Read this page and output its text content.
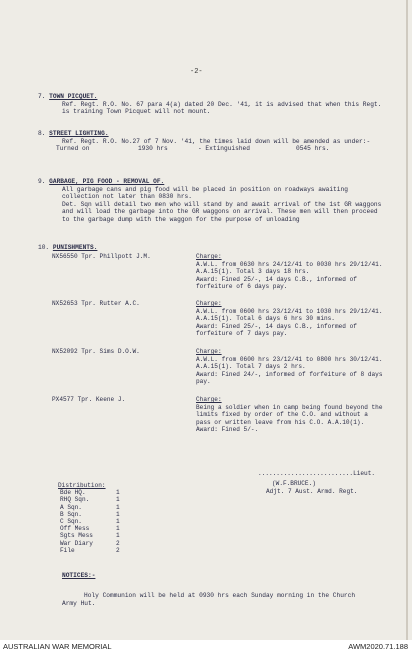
-2-
7. TOWN PICQUET.
Ref. Regt. R.O. No. 67 para 4(a) dated 20 Dec. '41, it is advised that when this Regt. is training Town Picquet will not mount.
8. STREET LIGHTING.
Ref. Regt. R.O. No.27 of 7 Nov. '41, the times laid down will be amended as under:-
Turned on	1930 hrs	- Extinguished	0545 hrs.
9. GARBAGE, PIG FOOD - REMOVAL OF.
All garbage cans and pig food will be placed in position on roadways awaiting collection not later than 0830 hrs.
Det. Sqn will detail two men who will stand by and await arrival of the 1st GR waggons and will load the garbage into the GR waggons on arrival. These men will then proceed to the garbage dump with the waggon for the purpose of unloading
10. PUNISHMENTS.
NX56550 Tpr. Phillpott J.M.	Charge:
A.W.L. from 0630 hrs 24/12/41 to 0030 hrs 29/12/41. A.A.15(1). Total 3 days 18 hrs.
Award: Fined 25/-, 14 days C.B., informed of forfeiture of 6 days pay.
NX52653 Tpr. Rutter A.C.	Charge:
A.W.L. from 0600 hrs 23/12/41 to 1030 hrs 29/12/41. A.A.15(1). Total 6 days 6 hrs 30 mins.
Award: Fined 25/-, 14 days C.B., informed of forfeiture of 7 days pay.
NX52092 Tpr. Sims D.O.W.	Charge:
A.W.L. from 0600 hrs 23/12/41 to 0800 hrs 30/12/41. A.A.15(1). Total 7 days 2 hrs.
Award: Fined 24/-, informed of forfeiture of 8 days pay.
PX4577 Tpr. Keene J.	Charge:
Being a soldier when in camp being found beyond the limits fixed by order of the C.O. and without a pass or written leave from his C.O. A.A.10(1).
Award: Fined 5/-.
..........................Lieut.
(W.F.BRUCE.)
Adjt. 7 Aust. Armd. Regt.
Distribution:
Bde HQ.	1
RHQ Sqn.	1
A Sqn.	1
B Sqn.	1
C Sqn.	1
Off Mess	1
Sgts Mess	1
War Diary	2
File	2
NOTICES:-
Holy Communion will be held at 0930 hrs each Sunday morning in the Church Army Hut.
AUSTRALIAN WAR MEMORIAL	AWM2020.71.188
